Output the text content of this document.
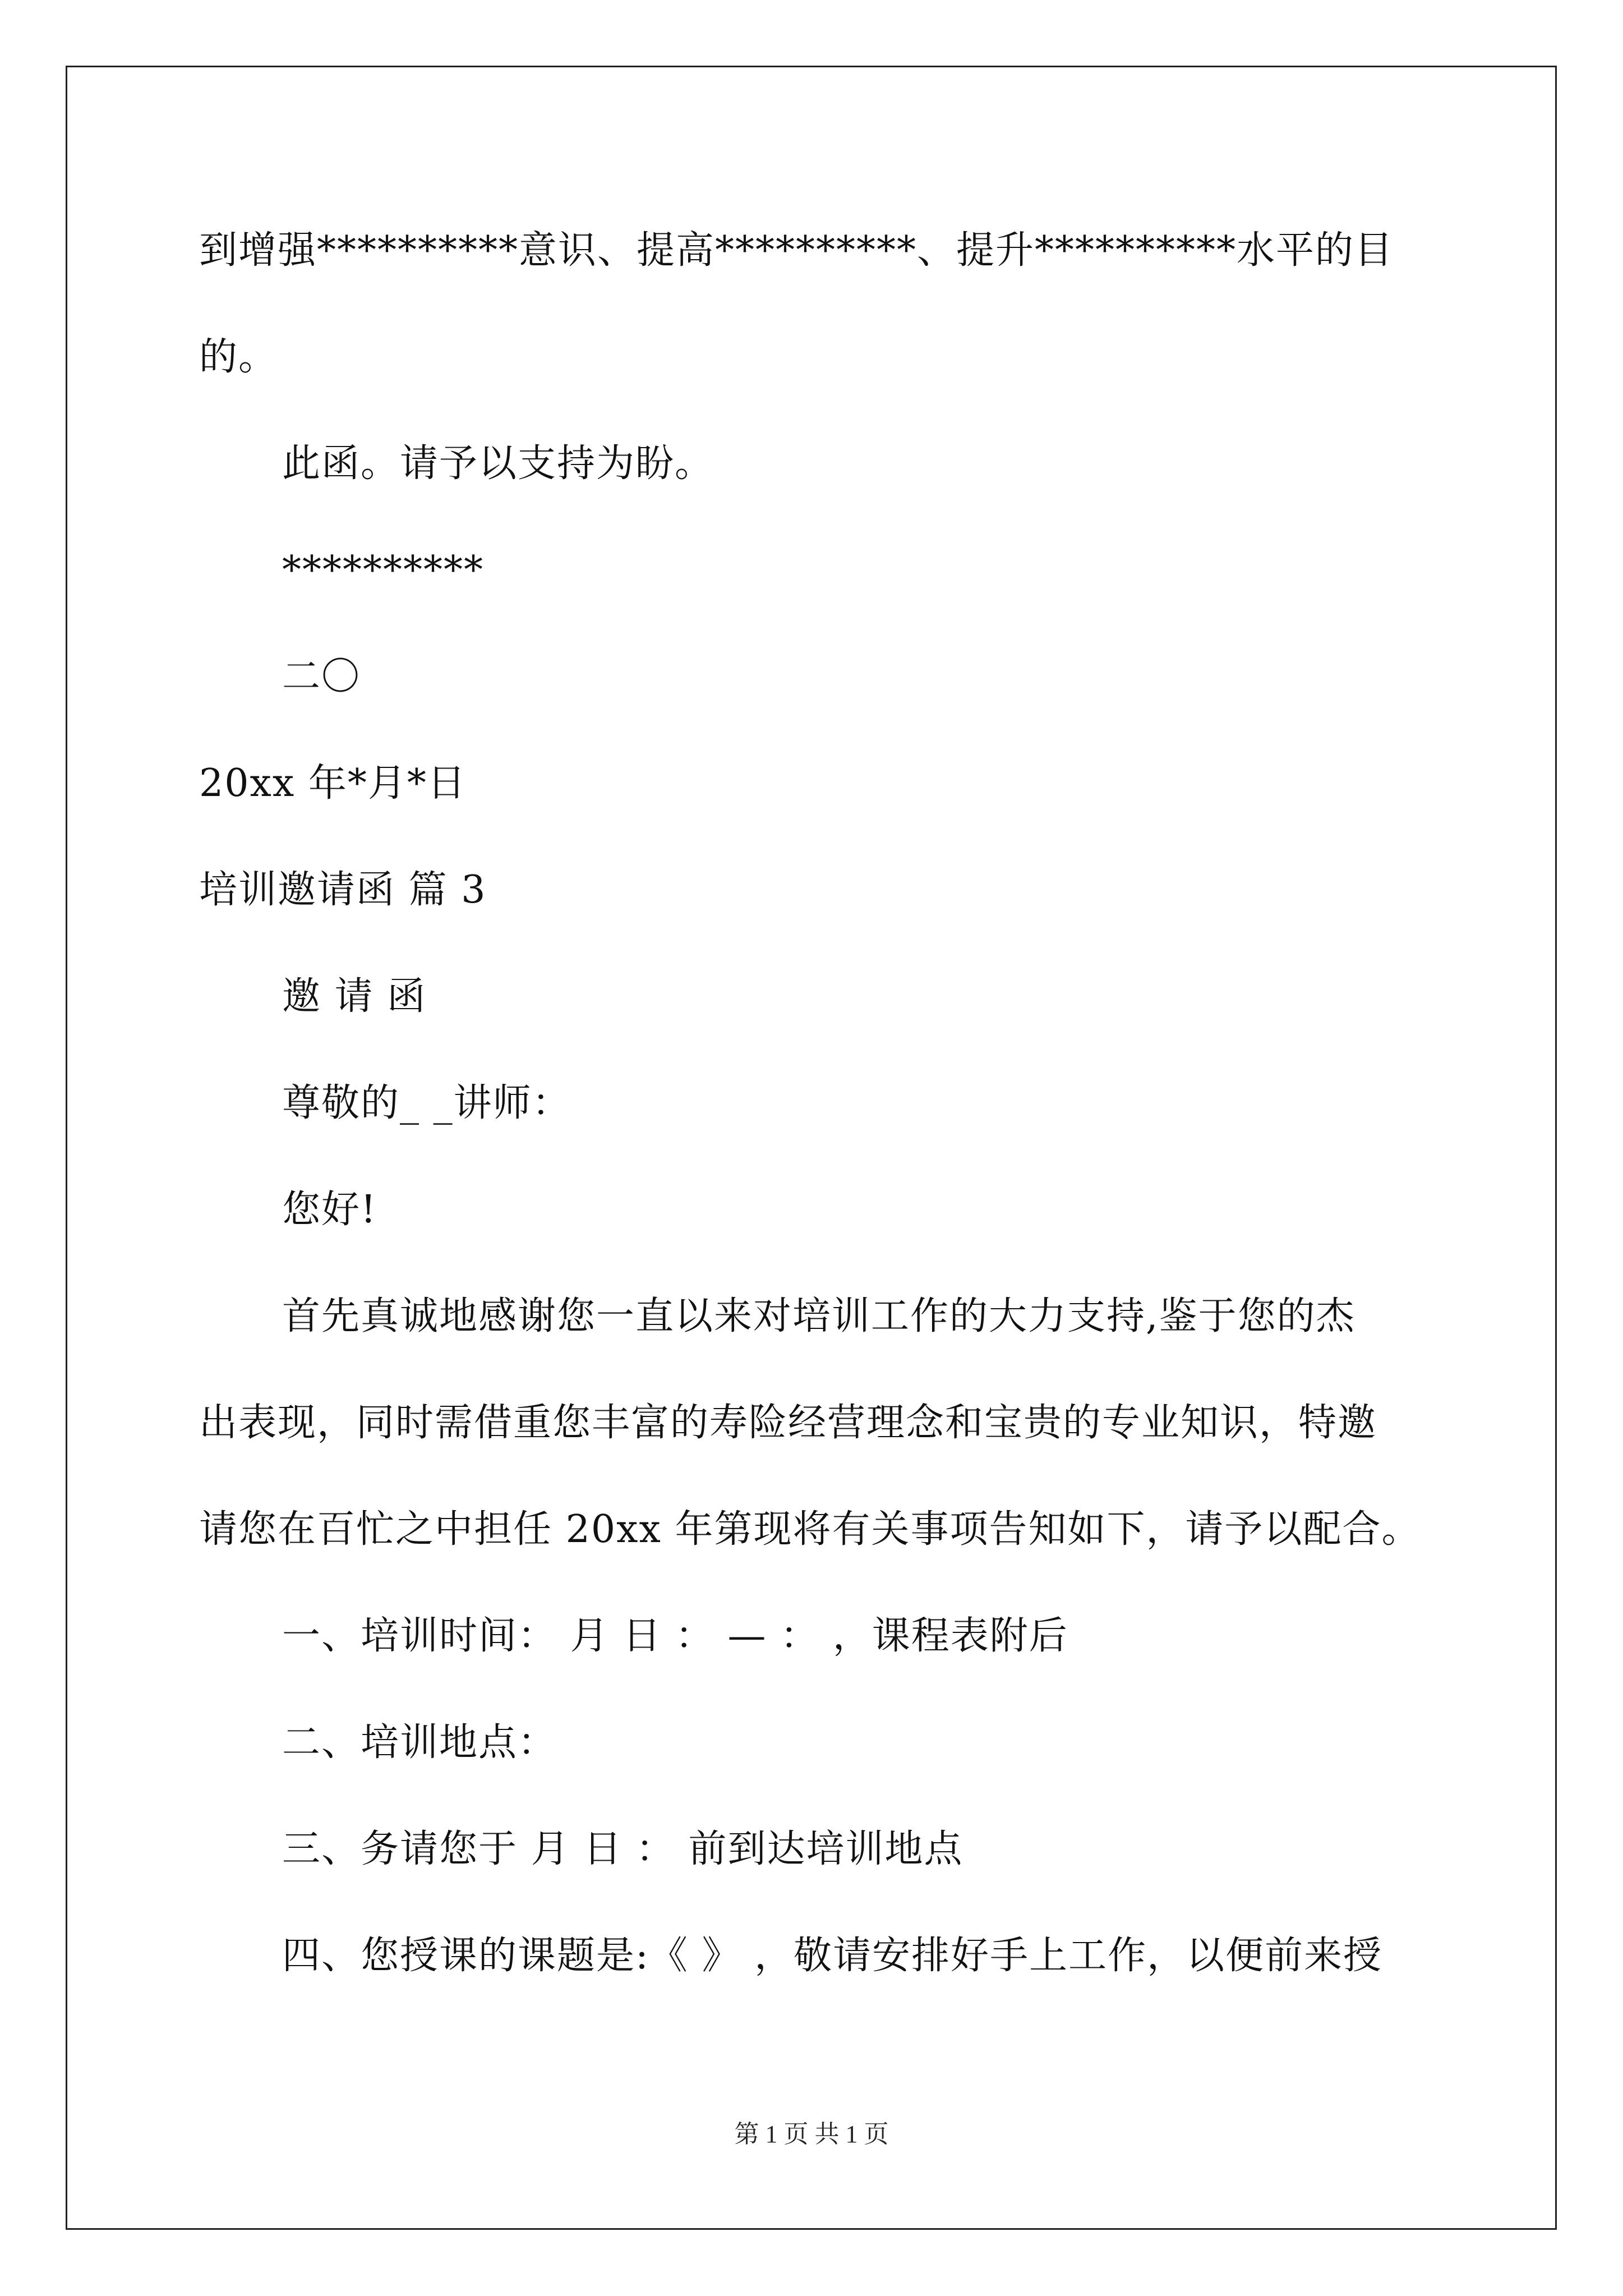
到增强**********意识、提高**********、提升**********水平的目
的。
此函。请予以支持为盼。
**********
二〇
20xx 年*月*日
培训邀请函 篇 3
邀 请 函
尊敬的_ _讲师：
您好!
首先真诚地感谢您一直以来对培训工作的大力支持,鉴于您的杰
出表现，同时需借重您丰富的寿险经营理念和宝贵的专业知识，特邀
请您在百忙之中担任 20xx 年第现将有关事项告知如下，请予以配合。
一、培训时间： 月 日 ： — ： ，课程表附后
二、培训地点：
三、务请您于 月 日 ： 前到达培训地点
四、您授课的课题是:《 》 ，敬请安排好手上工作，以便前来授
第 1 页 共 1 页
